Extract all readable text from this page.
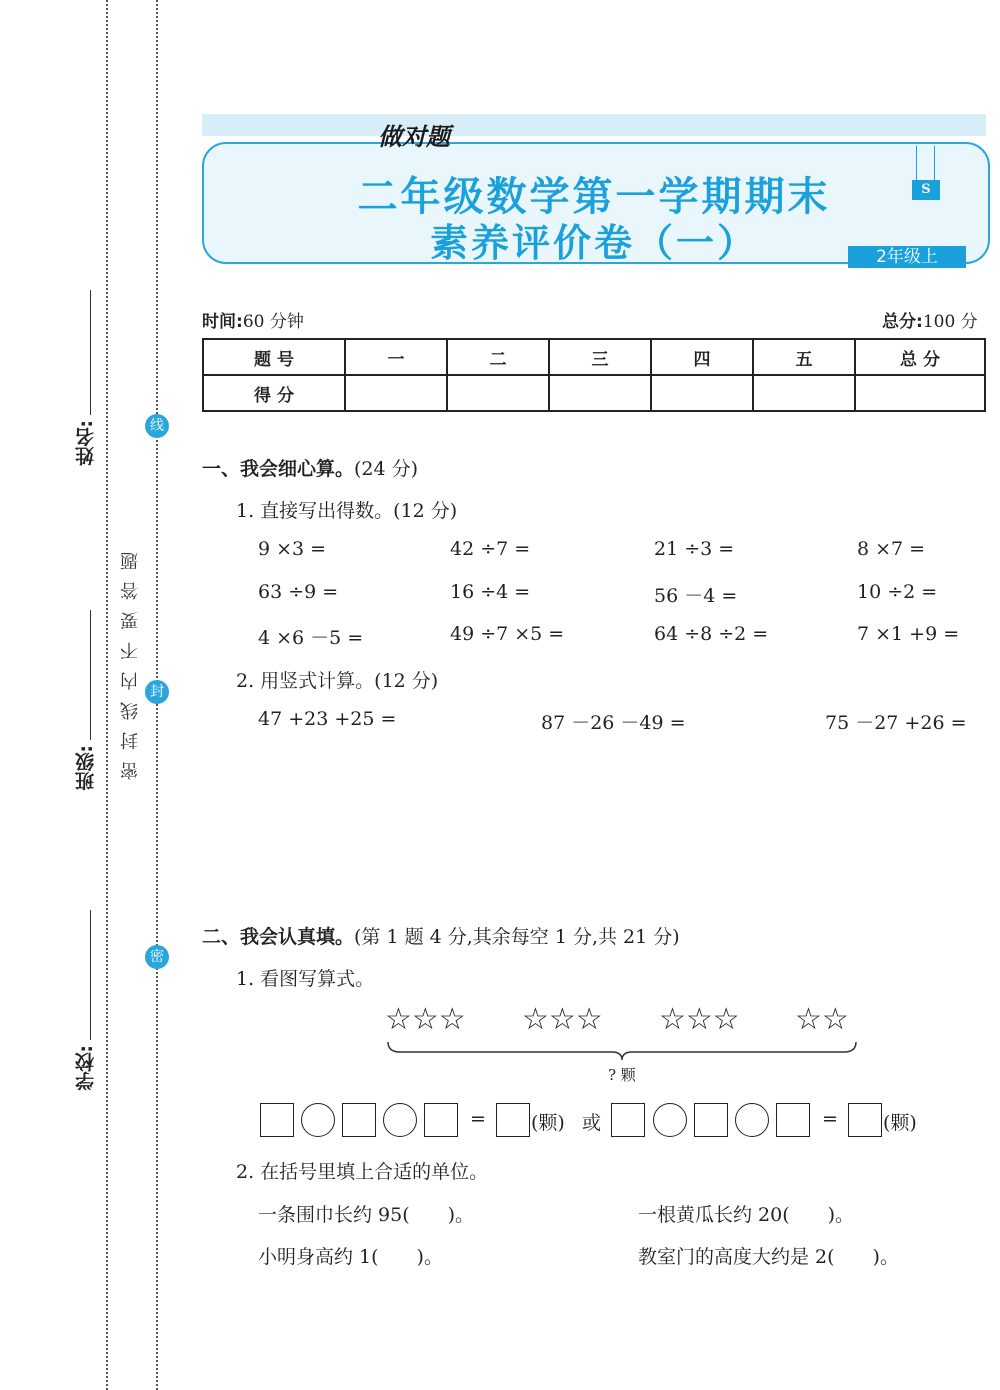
姓名:
班级:
学校:
线
封
密
密封线内不要答题
做对题
二年级数学第一学期期末
素养评价卷（一）
S
2年级上
时间:60 分钟	总分:100 分
题 号	一	二	三	四	五	总 分
得 分						
一、我会细心算。(24 分)
1. 直接写出得数。(12 分)
9 ×3 =	42 ÷7 =	21 ÷3 =	8 ×7 =
63 ÷9 =	16 ÷4 =	56 －4 =	10 ÷2 =
4 ×6 －5 =	49 ÷7 ×5 =	64 ÷8 ÷2 =	7 ×1 +9 =
2. 用竖式计算。(12 分)
47 +23 +25 =	87 －26 －49 =	75 －27 +26 =
二、我会认真填。(第 1 题 4 分,其余每空 1 分,共 21 分)
1. 看图写算式。
☆☆☆ ☆☆☆ ☆☆☆ ☆☆
? 颗
= (颗) 或	= (颗)
2. 在括号里填上合适的单位。
一条围巾长约 95(　　)。	一根黄瓜长约 20(　　)。
小明身高约 1(　　)。	教室门的高度大约是 2(　　)。
